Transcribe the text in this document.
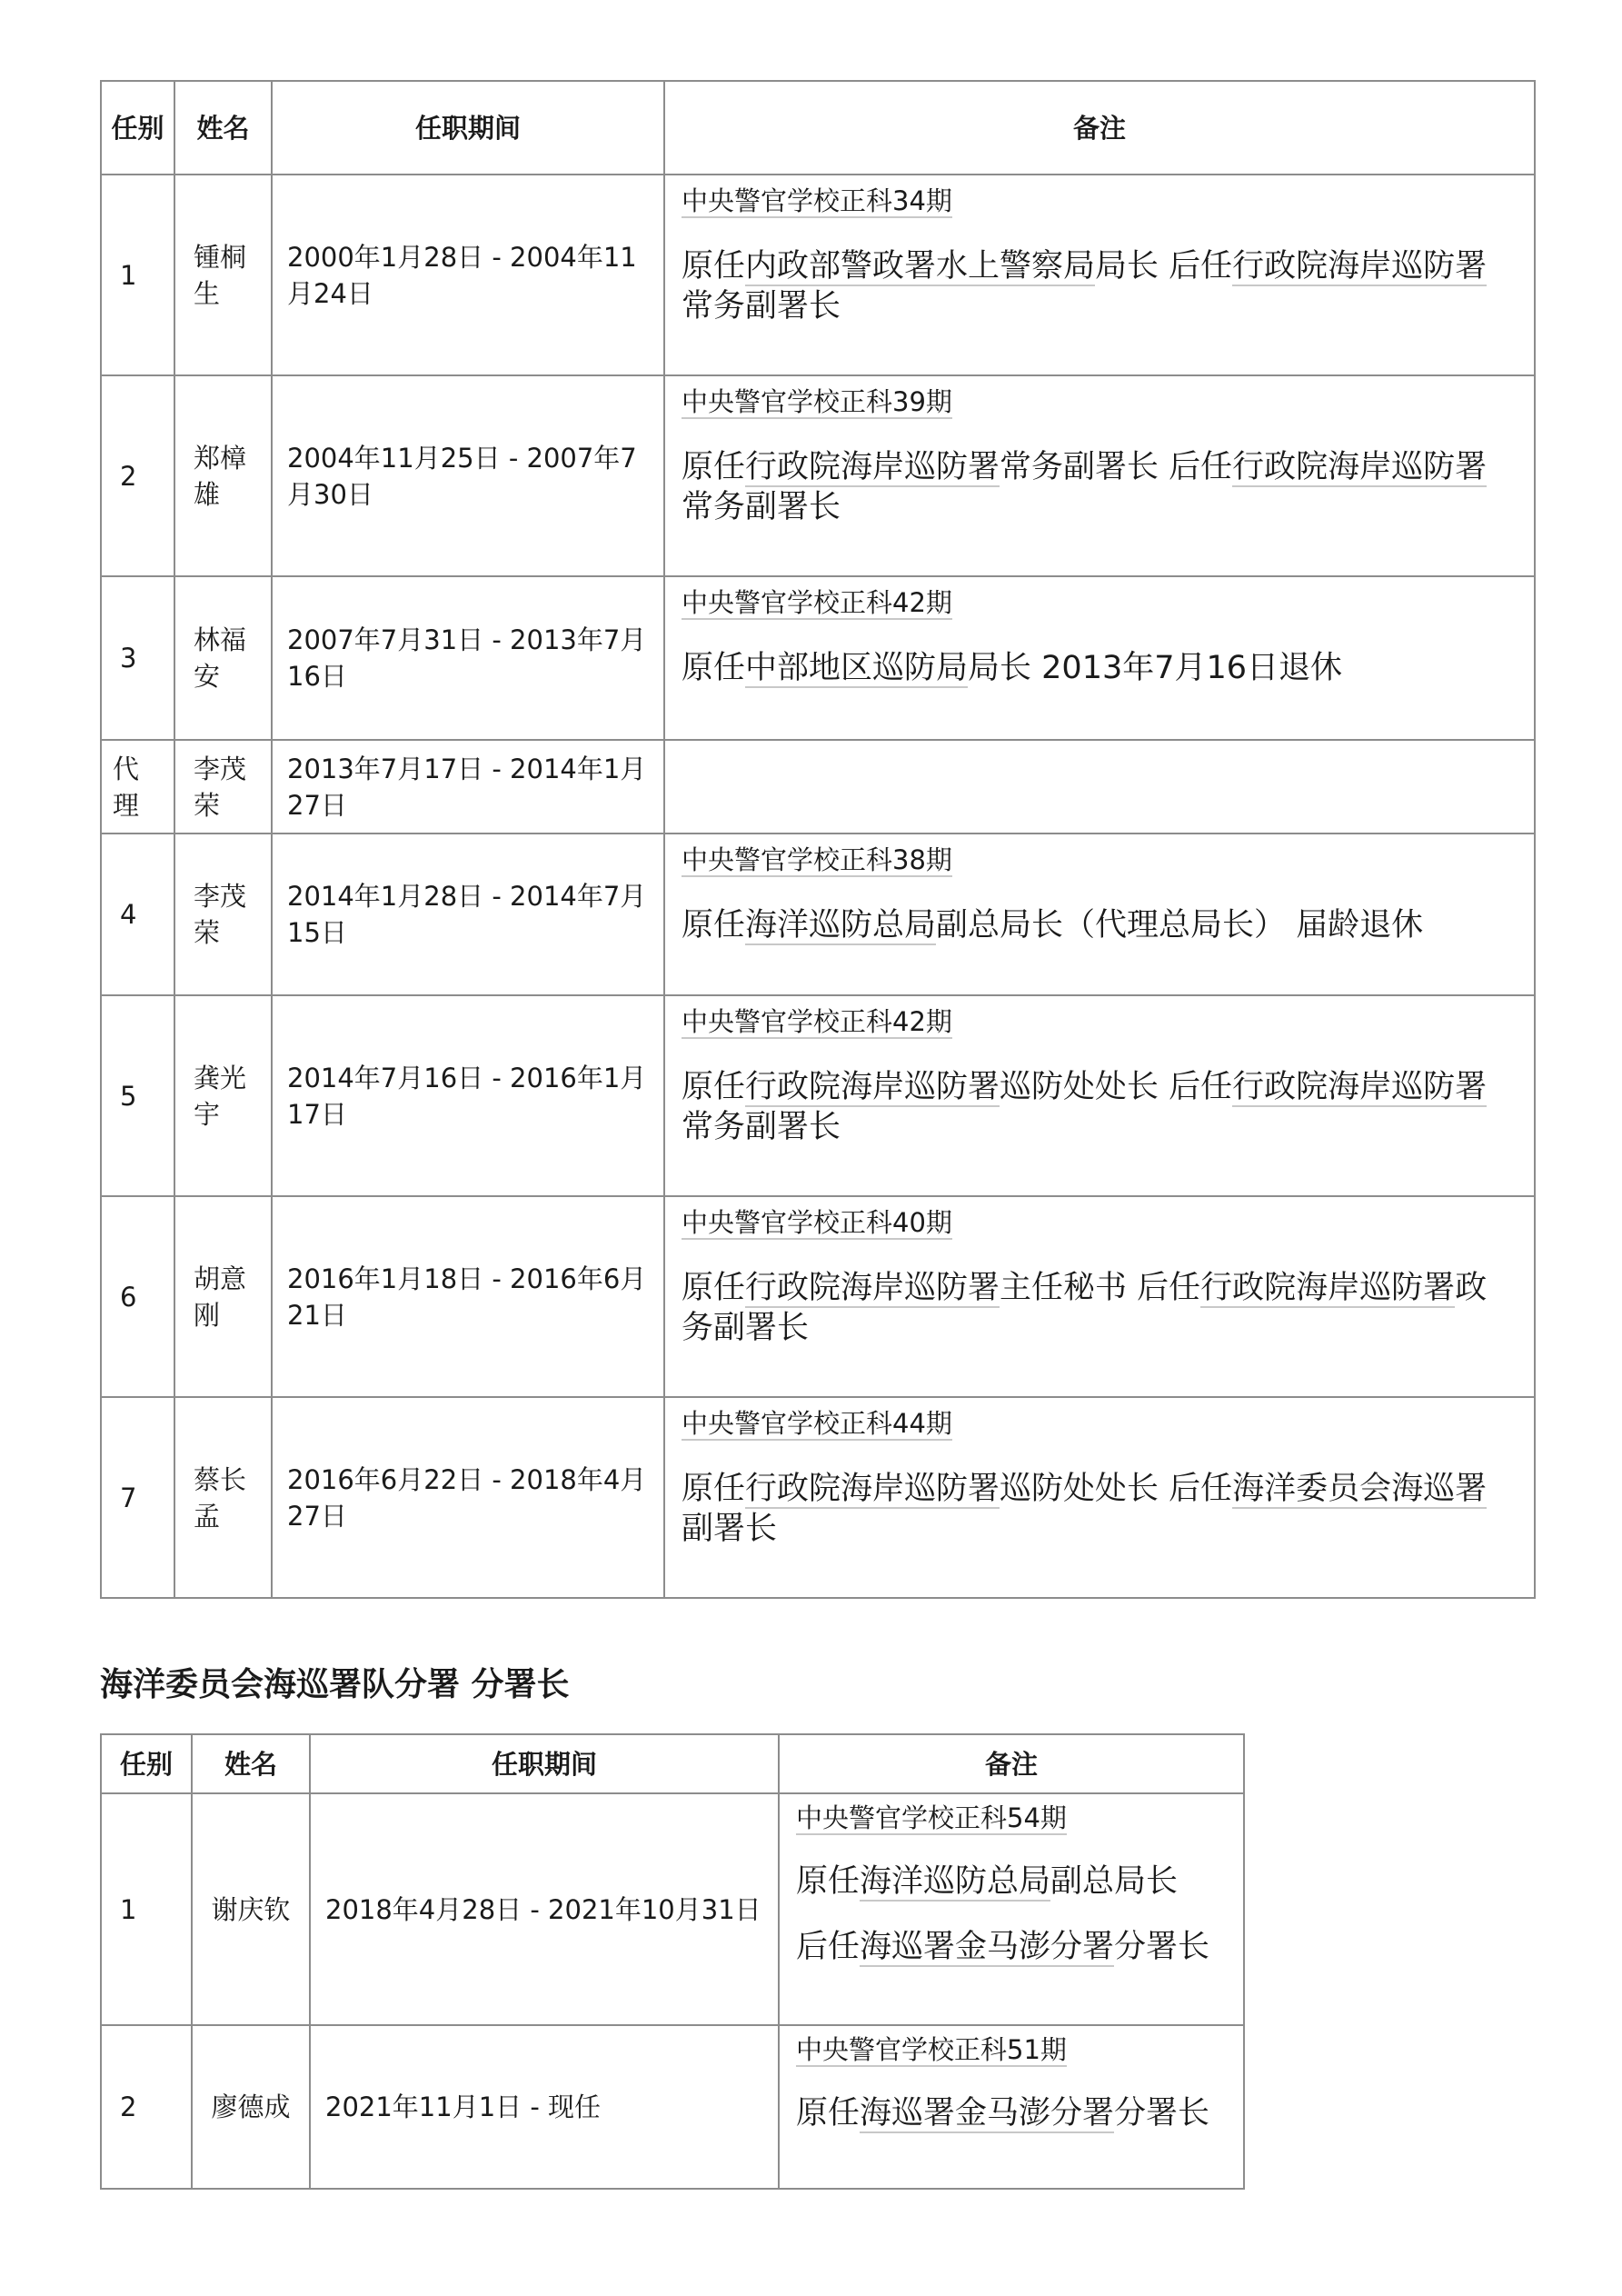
任别	姓名	任职期间	备注
1	锺桐生	2000年1月28日 - 2004年11月24日	中央警官学校正科34期
原任内政部警政署水上警察局局长 后任行政院海岸巡防署常务副署长

2	郑樟雄	2004年11月25日 - 2007年7月30日	中央警官学校正科39期
原任行政院海岸巡防署常务副署长 后任行政院海岸巡防署常务副署长

3	林福安	2007年7月31日 - 2013年7月16日	中央警官学校正科42期
原任中部地区巡防局局长 2013年7月16日退休

代理	李茂荣	2013年7月17日 - 2014年1月27日	
4	李茂荣	2014年1月28日 - 2014年7月15日	中央警官学校正科38期
原任海洋巡防总局副总局长（代理总局长） 届龄退休

5	龚光宇	2014年7月16日 - 2016年1月17日	中央警官学校正科42期
原任行政院海岸巡防署巡防处处长 后任行政院海岸巡防署常务副署长

6	胡意刚	2016年1月18日 - 2016年6月21日	中央警官学校正科40期
原任行政院海岸巡防署主任秘书 后任行政院海岸巡防署政务副署长

7	蔡长孟	2016年6月22日 - 2018年4月27日	中央警官学校正科44期
原任行政院海岸巡防署巡防处处长 后任海洋委员会海巡署副署长
海洋委员会海巡署队分署 分署长
任别	姓名	任职期间	备注
1	谢庆钦	2018年4月28日 - 2021年10月31日	中央警官学校正科54期
原任海洋巡防总局副总局长
后任海巡署金马澎分署分署长

2	廖德成	2021年11月1日 - 现任	中央警官学校正科51期
原任海巡署金马澎分署分署长
